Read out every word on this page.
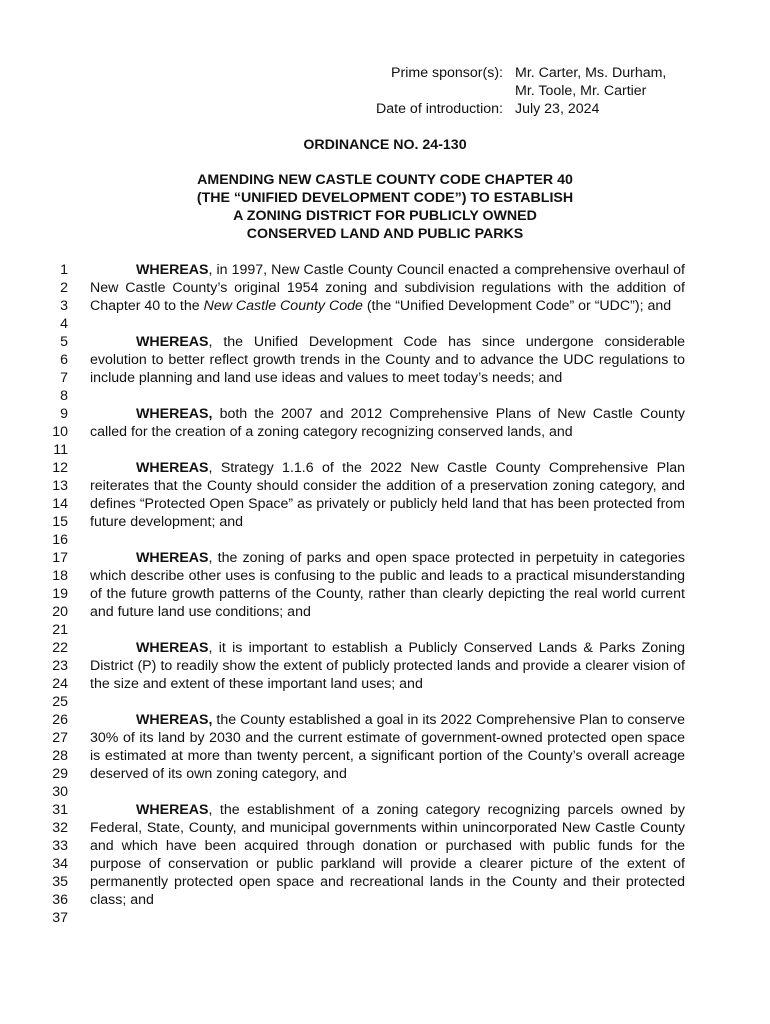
Prime sponsor(s): Mr. Carter, Ms. Durham,
Mr. Toole, Mr. Cartier
Date of introduction: July 23, 2024
ORDINANCE NO. 24-130
AMENDING NEW CASTLE COUNTY CODE CHAPTER 40
(THE “UNIFIED DEVELOPMENT CODE”) TO ESTABLISH
A ZONING DISTRICT FOR PUBLICLY OWNED
CONSERVED LAND AND PUBLIC PARKS
1
2
3
4
5
6
7
8
9
10
11
12
13
14
15
16
17
18
19
20
21
22
23
24
25
26
27
28
29
30
31
32
33
34
35
36
37

WHEREAS, in 1997, New Castle County Council enacted a comprehensive overhaul of New Castle County’s original 1954 zoning and subdivision regulations with the addition of Chapter 40 to the New Castle County Code (the “Unified Development Code” or “UDC”); and

WHEREAS, the Unified Development Code has since undergone considerable evolution to better reflect growth trends in the County and to advance the UDC regulations to include planning and land use ideas and values to meet today’s needs; and

WHEREAS, both the 2007 and 2012 Comprehensive Plans of New Castle County called for the creation of a zoning category recognizing conserved lands, and

WHEREAS, Strategy 1.1.6 of the 2022 New Castle County Comprehensive Plan reiterates that the County should consider the addition of a preservation zoning category, and defines “Protected Open Space” as privately or publicly held land that has been protected from future development; and

WHEREAS, the zoning of parks and open space protected in perpetuity in categories which describe other uses is confusing to the public and leads to a practical misunderstanding of the future growth patterns of the County, rather than clearly depicting the real world current and future land use conditions; and

WHEREAS, it is important to establish a Publicly Conserved Lands & Parks Zoning District (P) to readily show the extent of publicly protected lands and provide a clearer vision of the size and extent of these important land uses; and

WHEREAS, the County established a goal in its 2022 Comprehensive Plan to conserve 30% of its land by 2030 and the current estimate of government-owned protected open space is estimated at more than twenty percent, a significant portion of the County’s overall acreage deserved of its own zoning category, and

WHEREAS, the establishment of a zoning category recognizing parcels owned by Federal, State, County, and municipal governments within unincorporated New Castle County and which have been acquired through donation or purchased with public funds for the purpose of conservation or public parkland will provide a clearer picture of the extent of permanently protected open space and recreational lands in the County and their protected class; and
